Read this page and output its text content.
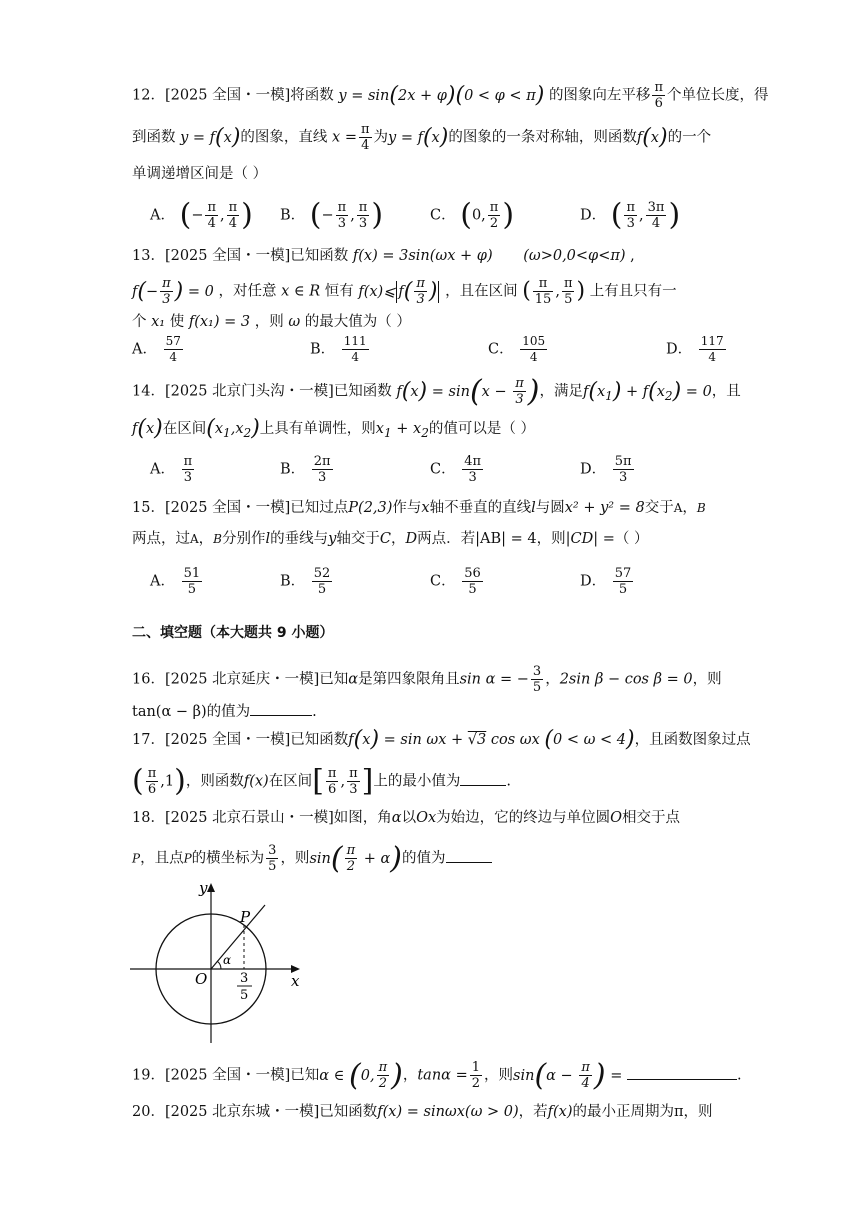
12．[2025 全国・一模]将函数 y = sin(2x + φ)(0 < φ < π) 的图象向左平移 $\frac{\pi}{6}$ 个单位长度，得
到函数 y = f(x)的图象，直线 $x = \frac{\pi}{4}$ 为y = f(x)的图象的一条对称轴，则函数f(x)的一个
单调递增区间是（ ）
A． (− $\frac{\pi}{4}$ , $\frac{\pi}{4}$ ) B． (− $\frac{\pi}{3}$ , $\frac{\pi}{3}$ )	C． (0, $\frac{\pi}{2}$ )	D． ( $\frac{\pi}{3}$ , $\frac{3\pi}{4}$ )
13．[2025 全国・一模]已知函数 f(x) = 3sin(ωx + φ) (ω>0,0<φ<π) ,
$f(- \frac{\pi}{3}$ ) = 0 ，对任意 x ∈ R 恒有 f(x)⩽ $f( \frac{\pi}{3}$ ) ，且在区间 ( $\frac{\pi}{15}$ , $\frac{\pi}{5}$ ) 上有且只有一
个 x₁ 使 f(x₁) = 3 ，则 ω 的最大值为（ ）
A． $\frac{57}{4}$	B． $\frac{111}{4}$	C． $\frac{105}{4}$	D． $\frac{117}{4}$
14．[2025 北京门头沟・一模]已知函数 $f(x) = \sin(x - \frac{\pi}{3}$ )，满足$f(x_1) + f(x_2) = 0$，且
f(x)在区间$(x_1,x_2)$上具有单调性，则$x_1 + x_2$的值可以是（ ）
A． $\frac{\pi}{3}$	B． $\frac{2\pi}{3}$	C． $\frac{4\pi}{3}$	D． $\frac{5\pi}{3}$
15．[2025 全国・一模]已知过点P(2,3)作与x轴不垂直的直线l与圆x² + y² = 8交于A，B
两点，过A，B分别作l的垂线与y轴交于C，D两点．若|AB| = 4，则|CD| =（ ）
A． $\frac{51}{5}$	B． $\frac{52}{5}$	C． $\frac{56}{5}$	D． $\frac{57}{5}$
二、填空题（本大题共 9 小题）
16．[2025 北京延庆・一模]已知α是第四象限角且sin α = − $\frac{3}{5}$ ，2sin β − cos β = 0，则
tan(α − β)的值为	.
17．[2025 全国・一模]已知函数f(x) = sin ωx + √3 cos ωx (0 < ω < 4)，且函数图象过点
( $\frac{\pi}{6} ,1$)，则函数f(x)在区间[ $\frac{\pi}{6}$ , $\frac{\pi}{3}$ ]上的最小值为	.
18．[2025 北京石景山・一模]如图，角α以Ox为始边，它的终边与单位圆O相交于点
P，且点P的横坐标为 $\frac{3}{5}$ ，则$\sin( \frac{\pi}{2} + \alpha)$的值为
y
x
O
P
α
3
5
19．[2025 全国・一模]已知α ∈ (0, $\frac{\pi}{2}$ )，$\tan\alpha = \frac{1}{2}$ ，则$\sin(\alpha - \frac{\pi}{4}$ ) =	.
20．[2025 北京东城・一模]已知函数f(x) = sinωx(ω > 0)，若f(x)的最小正周期为π，则
